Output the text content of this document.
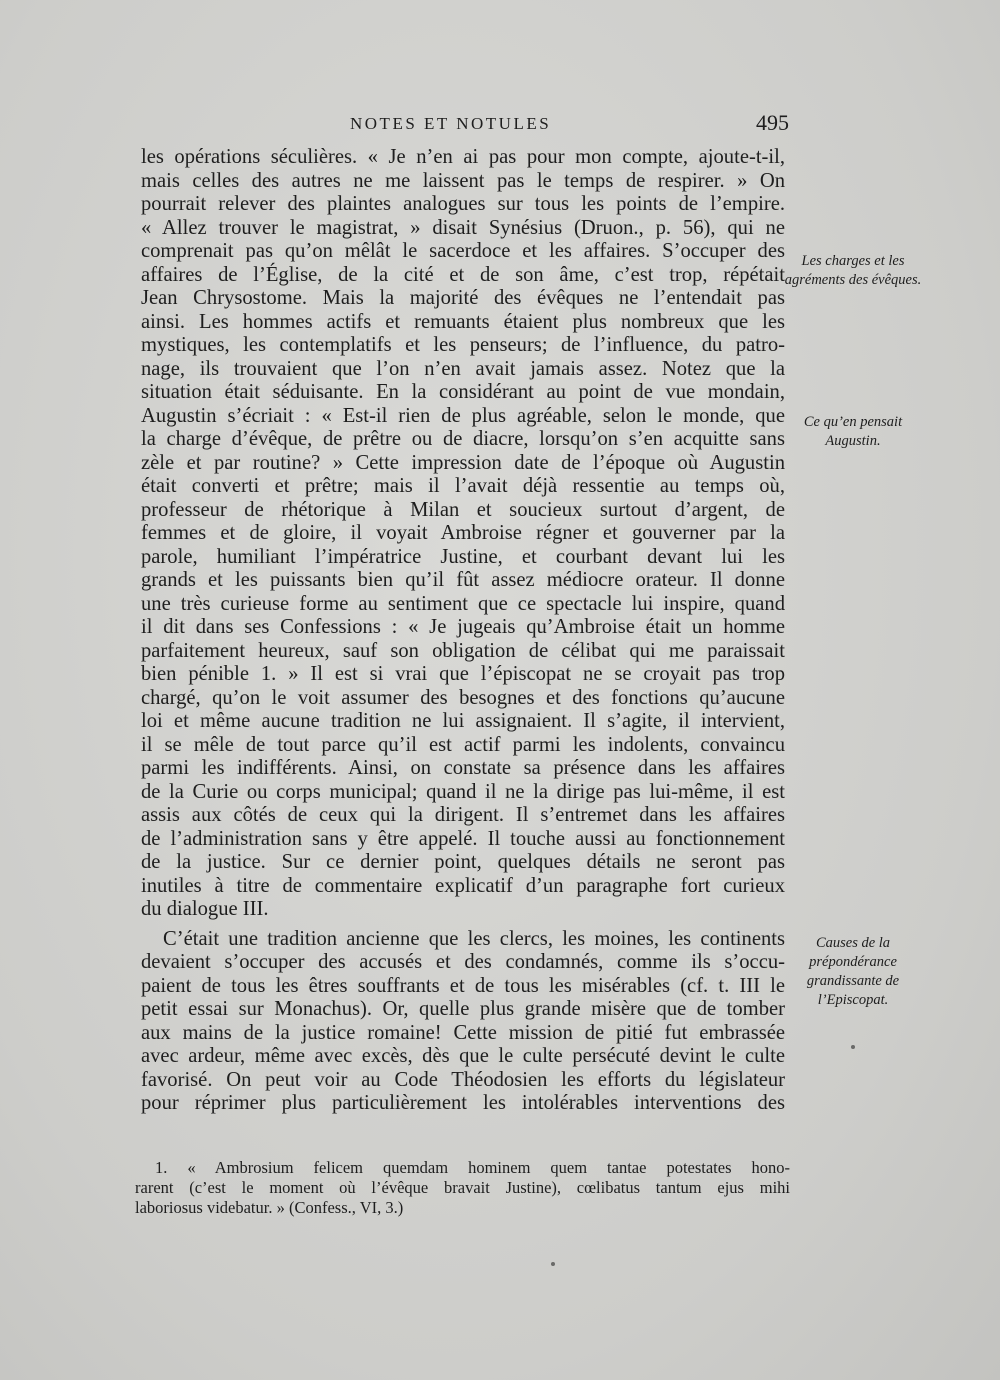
NOTES ET NOTULES	495
les opérations séculières. « Je n’en ai pas pour mon compte, ajoute-t-il,
mais celles des autres ne me laissent pas le temps de respirer. » On
pourrait relever des plaintes analogues sur tous les points de l’empire.
« Allez trouver le magistrat, » disait Synésius (Druon., p. 56), qui ne
comprenait pas qu’on mêlât le sacerdoce et les affaires. S’occuper des
affaires de l’Église, de la cité et de son âme, c’est trop, répétait
Jean Chrysostome. Mais la majorité des évêques ne l’entendait pas
ainsi. Les hommes actifs et remuants étaient plus nombreux que les
mystiques, les contemplatifs et les penseurs; de l’influence, du patro-
nage, ils trouvaient que l’on n’en avait jamais assez. Notez que la
situation était séduisante. En la considérant au point de vue mondain,
Augustin s’écriait : « Est-il rien de plus agréable, selon le monde, que
la charge d’évêque, de prêtre ou de diacre, lorsqu’on s’en acquitte sans
zèle et par routine? » Cette impression date de l’époque où Augustin
était converti et prêtre; mais il l’avait déjà ressentie au temps où,
professeur de rhétorique à Milan et soucieux surtout d’argent, de
femmes et de gloire, il voyait Ambroise régner et gouverner par la
parole, humiliant l’impératrice Justine, et courbant devant lui les
grands et les puissants bien qu’il fût assez médiocre orateur. Il donne
une très curieuse forme au sentiment que ce spectacle lui inspire, quand
il dit dans ses Confessions : « Je jugeais qu’Ambroise était un homme
parfaitement heureux, sauf son obligation de célibat qui me paraissait
bien pénible 1. » Il est si vrai que l’épiscopat ne se croyait pas trop
chargé, qu’on le voit assumer des besognes et des fonctions qu’aucune
loi et même aucune tradition ne lui assignaient. Il s’agite, il intervient,
il se mêle de tout parce qu’il est actif parmi les indolents, convaincu
parmi les indifférents. Ainsi, on constate sa présence dans les affaires
de la Curie ou corps municipal; quand il ne la dirige pas lui-même, il est
assis aux côtés de ceux qui la dirigent. Il s’entremet dans les affaires
de l’administration sans y être appelé. Il touche aussi au fonctionnement
de la justice. Sur ce dernier point, quelques détails ne seront pas
inutiles à titre de commentaire explicatif d’un paragraphe fort curieux
du dialogue III.
C’était une tradition ancienne que les clercs, les moines, les continents
devaient s’occuper des accusés et des condamnés, comme ils s’occu-
paient de tous les êtres souffrants et de tous les misérables (cf. t. III le
petit essai sur Monachus). Or, quelle plus grande misère que de tomber
aux mains de la justice romaine! Cette mission de pitié fut embrassée
avec ardeur, même avec excès, dès que le culte persécuté devint le culte
favorisé. On peut voir au Code Théodosien les efforts du législateur
pour réprimer plus particulièrement les intolérables interventions des
Les charges et les agréments des évêques.
Ce qu’en pensait Augustin.
Causes de la prépondérance grandissante de l’Episcopat.
1. « Ambrosium felicem quemdam hominem quem tantae potestates hono-
rarent (c’est le moment où l’évêque bravait Justine), cœlibatus tantum ejus mihi
laboriosus videbatur. » (Confess., VI, 3.)
